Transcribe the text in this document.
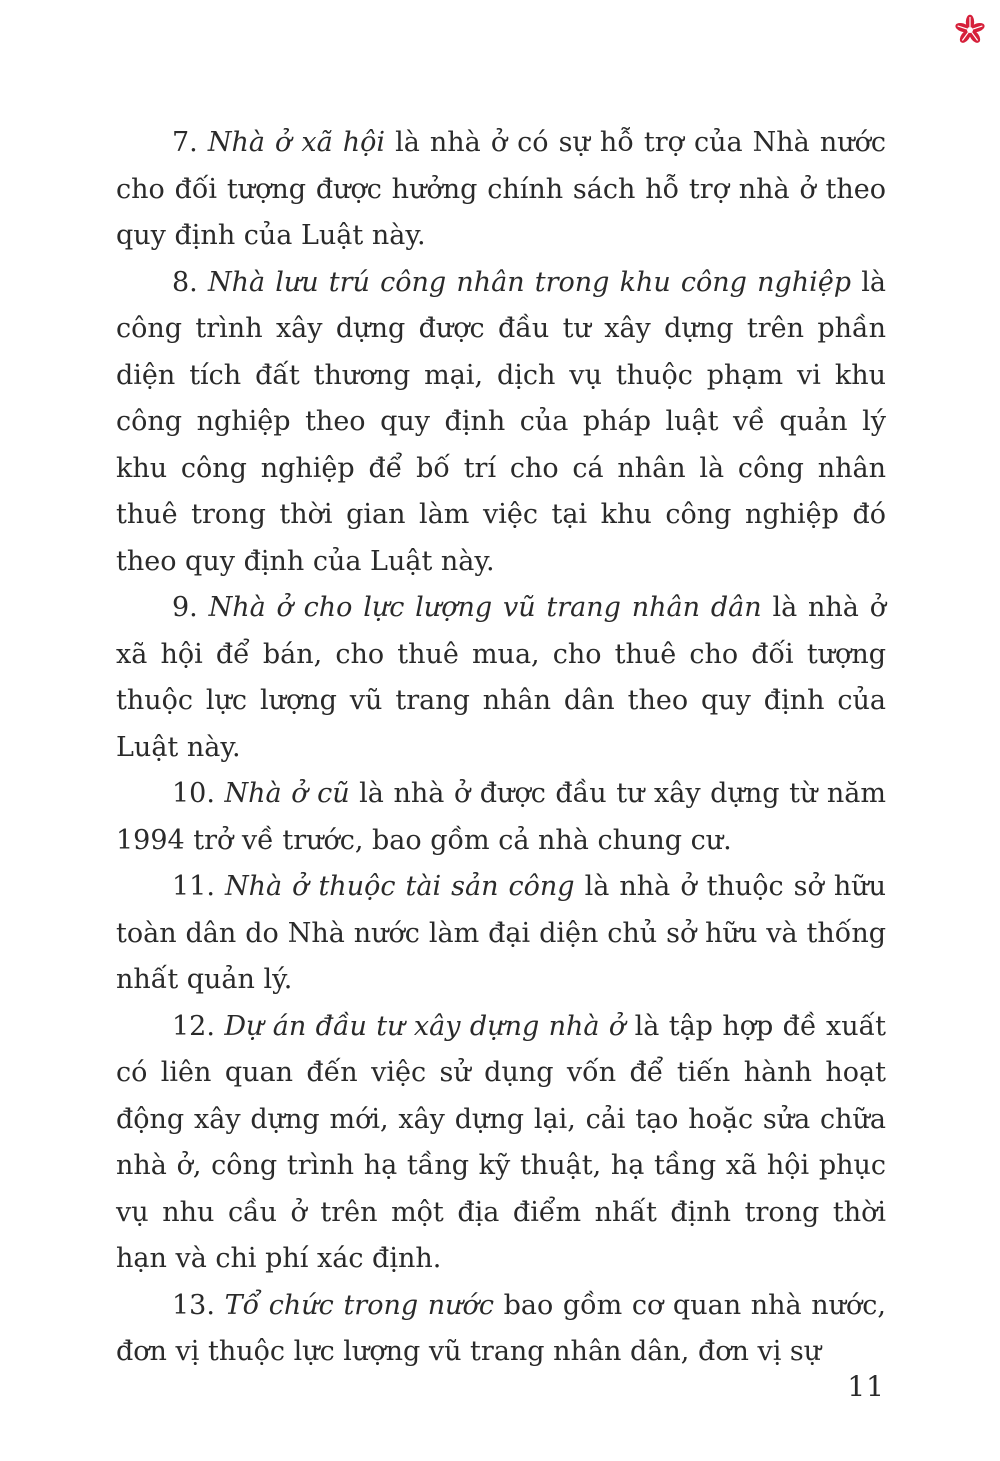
7. Nhà ở xã hội là nhà ở có sự hỗ trợ của Nhà nước cho đối tượng được hưởng chính sách hỗ trợ nhà ở theo quy định của Luật này.

8. Nhà lưu trú công nhân trong khu công nghiệp là công trình xây dựng được đầu tư xây dựng trên phần diện tích đất thương mại, dịch vụ thuộc phạm vi khu công nghiệp theo quy định của pháp luật về quản lý khu công nghiệp để bố trí cho cá nhân là công nhân thuê trong thời gian làm việc tại khu công nghiệp đó theo quy định của Luật này.

9. Nhà ở cho lực lượng vũ trang nhân dân là nhà ở xã hội để bán, cho thuê mua, cho thuê cho đối tượng thuộc lực lượng vũ trang nhân dân theo quy định của Luật này.

10. Nhà ở cũ là nhà ở được đầu tư xây dựng từ năm 1994 trở về trước, bao gồm cả nhà chung cư.

11. Nhà ở thuộc tài sản công là nhà ở thuộc sở hữu toàn dân do Nhà nước làm đại diện chủ sở hữu và thống nhất quản lý.

12. Dự án đầu tư xây dựng nhà ở là tập hợp đề xuất có liên quan đến việc sử dụng vốn để tiến hành hoạt động xây dựng mới, xây dựng lại, cải tạo hoặc sửa chữa nhà ở, công trình hạ tầng kỹ thuật, hạ tầng xã hội phục vụ nhu cầu ở trên một địa điểm nhất định trong thời hạn và chi phí xác định.

13. Tổ chức trong nước bao gồm cơ quan nhà nước, đơn vị thuộc lực lượng vũ trang nhân dân, đơn vị sự

11
